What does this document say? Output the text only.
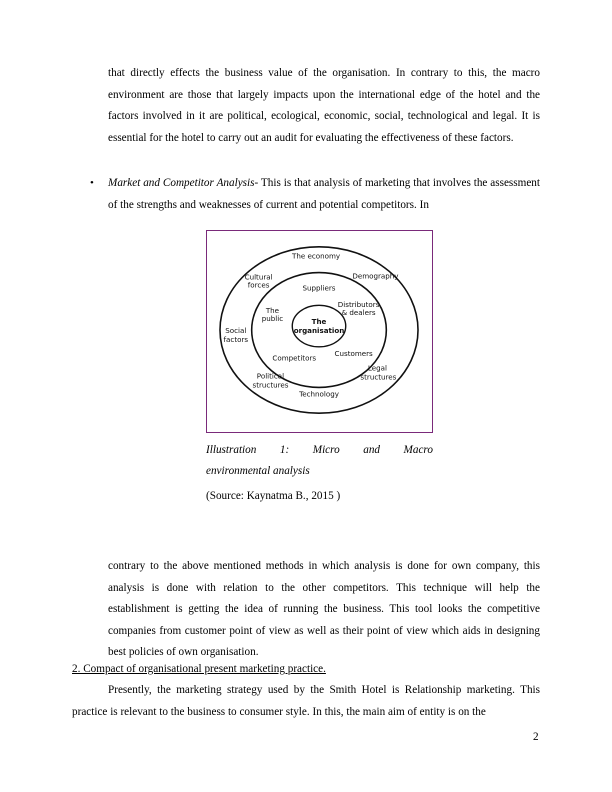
that directly effects the business value of the organisation. In contrary to this, the macro environment are those that largely impacts upon the international edge of the hotel and the factors involved in it are political, ecological, economic, social, technological and legal. It is essential for the hotel to carry out an audit for evaluating the effectiveness of these factors.

• Market and Competitor Analysis- This is that analysis of marketing that involves the assessment of the strengths and weaknesses of current and potential competitors. In

The
organisation
Suppliers
Distributors
& dealers
The
public
Customers
Competitors
The economy
Demography
Cultural
forces
Social
factors
Legal
structures
Political
structures
Technology
Illustration 1: Micro and Macro
environmental analysis
(Source: Kaynatma B., 2015 )

contrary to the above mentioned methods in which analysis is done for own company, this analysis is done with relation to the other competitors. This technique will help the establishment is getting the idea of running the business. This tool looks the competitive companies from customer point of view as well as their point of view which aids in designing best policies of own organisation.

2. Compact of organisational present marketing practice.

Presently, the marketing strategy used by the Smith Hotel is Relationship marketing. This practice is relevant to the business to consumer style. In this, the main aim of entity is on the

2
